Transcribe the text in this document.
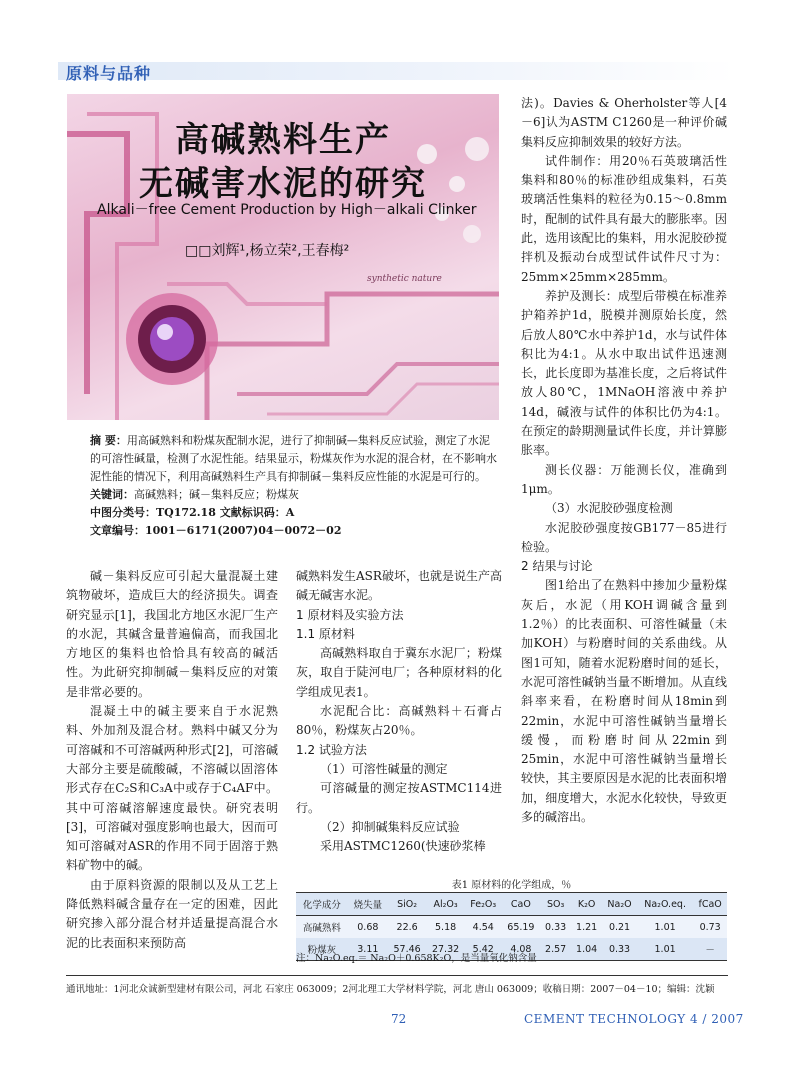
原料与品种
高碱熟料生产
无碱害水泥的研究
Alkali－free Cement Production by High－alkali Clinker
□□刘辉¹,杨立荣²,王春梅²
synthetic nature

摘 要：用高碱熟料和粉煤灰配制水泥，进行了抑制碱—集料反应试验，测定了水泥的可溶性碱量，检测了水泥性能。结果显示，粉煤灰作为水泥的混合材，在不影响水泥性能的情况下，利用高碱熟料生产具有抑制碱－集料反应性能的水泥是可行的。

关键词：高碱熟料；碱－集料反应；粉煤灰

中图分类号：TQ172.18 文献标识码：A

文章编号：1001－6171(2007)04－0072－02

碱－集料反应可引起大量混凝土建筑物破坏，造成巨大的经济损失。调查研究显示[1]，我国北方地区水泥厂生产的水泥，其碱含量普遍偏高，而我国北方地区的集料也恰恰具有较高的碱活性。为此研究抑制碱－集料反应的对策是非常必要的。

混凝土中的碱主要来自于水泥熟料、外加剂及混合材。熟料中碱又分为可溶碱和不可溶碱两种形式[2]，可溶碱大部分主要是硫酸碱，不溶碱以固溶体形式存在C₂S和C₃A中或存于C₄AF中。其中可溶碱溶解速度最快。研究表明[3]，可溶碱对强度影响也最大，因而可知可溶碱对ASR的作用不同于固溶于熟料矿物中的碱。

由于原料资源的限制以及从工艺上降低熟料碱含量存在一定的困难，因此研究掺入部分混合材并适量提高混合水泥的比表面积来预防高

碱熟料发生ASR破坏，也就是说生产高碱无碱害水泥。

1 原材料及实验方法

1.1 原材料

高碱熟料取自于冀东水泥厂；粉煤灰，取自于陡河电厂；各种原材料的化学组成见表1。

水泥配合比：高碱熟料＋石膏占80％，粉煤灰占20％。

1.2 试验方法

（1）可溶性碱量的测定

可溶碱量的测定按ASTMC114进行。

（2）抑制碱集料反应试验

采用ASTMC1260(快速砂浆棒

法)。Davies & Oherholster等人[4－6]认为ASTM C1260是一种评价碱集料反应抑制效果的较好方法。

试件制作：用20％石英玻璃活性集料和80％的标准砂组成集料，石英玻璃活性集料的粒径为0.15～0.8mm时，配制的试件具有最大的膨胀率。因此，选用该配比的集料，用水泥胶砂搅拌机及振动台成型试件试件尺寸为：25mm×25mm×285mm。

养护及测长：成型后带模在标准养护箱养护1d，脱模并测原始长度，然后放人80℃水中养护1d，水与试件体积比为4:1。从水中取出试件迅速测长，此长度即为基准长度，之后将试件放人80℃，1MNaOH溶液中养护14d，碱液与试件的体积比仍为4:1。在预定的龄期测量试件长度，并计算膨胀率。

测长仪器：万能测长仪，准确到1μm。

（3）水泥胶砂强度检测

水泥胶砂强度按GB177－85进行检验。

2 结果与讨论

图1给出了在熟料中掺加少量粉煤灰后，水泥（用KOH调碱含量到1.2％）的比表面积、可溶性碱量（未加KOH）与粉磨时间的关系曲线。从图1可知，随着水泥粉磨时间的延长，水泥可溶性碱钠当量不断增加。从直线斜率来看，在粉磨时间从18min到22min，水泥中可溶性碱钠当量增长缓慢，而粉磨时间从22min到25min，水泥中可溶性碱钠当量增长较快，其主要原因是水泥的比表面积增加，细度增大，水泥水化较快，导致更多的碱溶出。

表1 原材料的化学组成，％
化学成分	烧失量	SiO₂	Al₂O₃	Fe₂O₃	CaO	SO₃	K₂O	Na₂O	Na₂O.eq.	fCaO
高碱熟料	0.68	22.6	5.18	4.54	65.19	0.33	1.21	0.21	1.01	0.73
粉煤灰	3.11	57.46	27.32	5.42	4.08	2.57	1.04	0.33	1.01	－
注：Na₂O.eq.＝ Na₂O＋0.658K₂O，是当量氧化钠含量
通讯地址：1河北众诚新型建材有限公司，河北 石家庄 063009；2河北理工大学材料学院，河北 唐山 063009；收稿日期：2007－04－10；编辑：沈颖
72	CEMENT TECHNOLOGY 4 / 2007
